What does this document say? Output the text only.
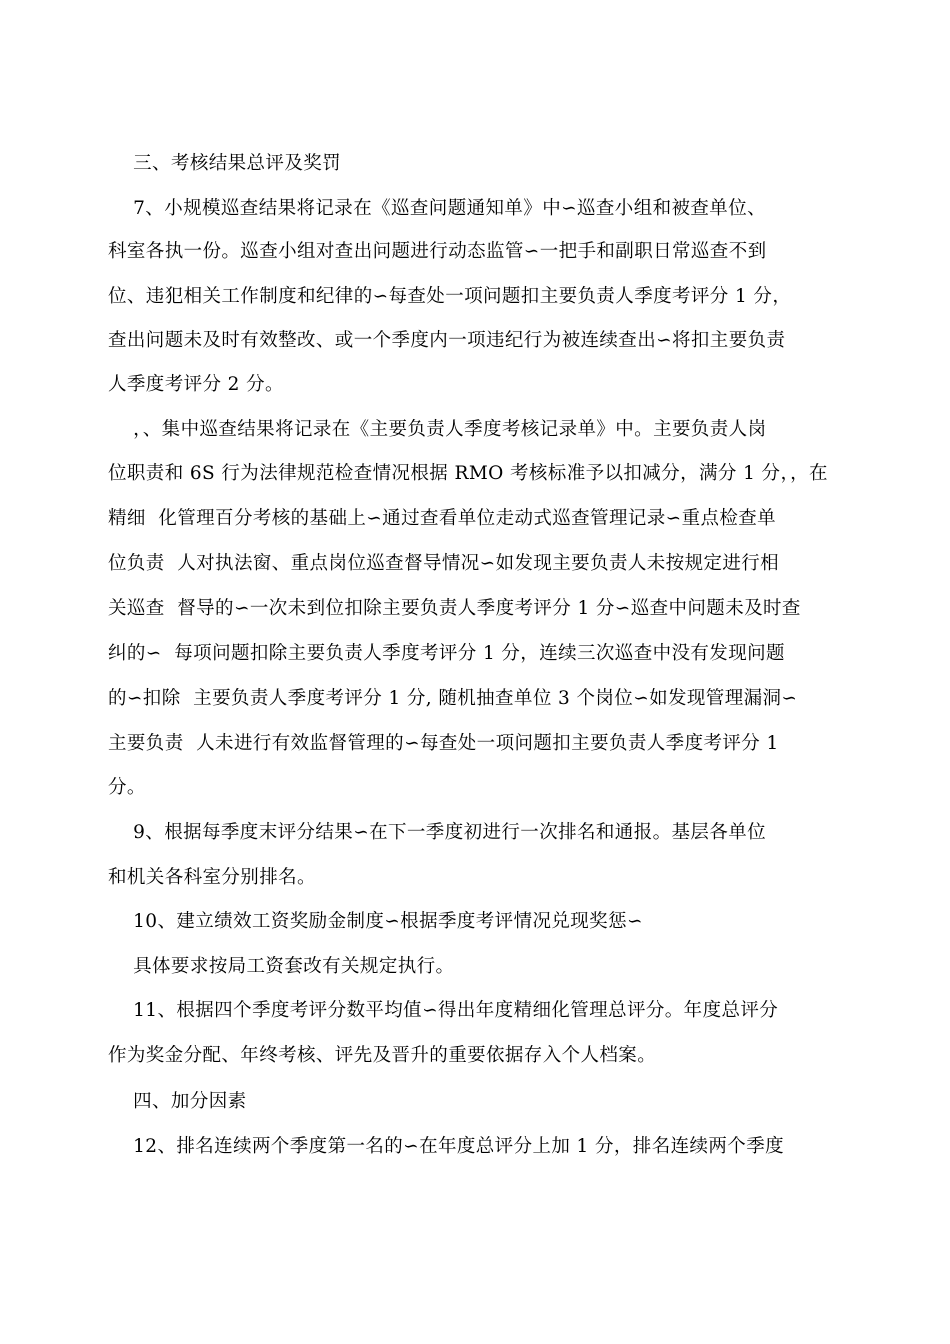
三、考核结果总评及奖罚
7、小规模巡查结果将记录在《巡查问题通知单》中∽巡查小组和被查单位、
科室各执一份。巡查小组对查出问题进行动态监管∽一把手和副职日常巡查不到
位、违犯相关工作制度和纪律的∽每查处一项问题扣主要负责人季度考评分 1 分，
查出问题未及时有效整改、或一个季度内一项违纪行为被连续查出∽将扣主要负责
人季度考评分 2 分。
，、集中巡查结果将记录在《主要负责人季度考核记录单》中。主要负责人岗
位职责和 6S 行为法律规范检查情况根据 RMO 考核标准予以扣减分，满分 1 分，，在
精细  化管理百分考核的基础上∽通过查看单位走动式巡查管理记录∽重点检查单
位负责  人对执法窗、重点岗位巡查督导情况∽如发现主要负责人未按规定进行相
关巡查  督导的∽一次未到位扣除主要负责人季度考评分 1 分∽巡查中问题未及时查
纠的∽  每项问题扣除主要负责人季度考评分 1 分，连续三次巡查中没有发现问题
的∽扣除  主要负责人季度考评分 1 分, 随机抽查单位 3 个岗位∽如发现管理漏洞∽
主要负责  人未进行有效监督管理的∽每查处一项问题扣主要负责人季度考评分 1
分。
9、根据每季度末评分结果∽在下一季度初进行一次排名和通报。基层各单位
和机关各科室分别排名。
10、建立绩效工资奖励金制度∽根据季度考评情况兑现奖惩∽
具体要求按局工资套改有关规定执行。
11、根据四个季度考评分数平均值∽得出年度精细化管理总评分。年度总评分
作为奖金分配、年终考核、评先及晋升的重要依据存入个人档案。
四、加分因素
12、排名连续两个季度第一名的∽在年度总评分上加 1 分，排名连续两个季度
